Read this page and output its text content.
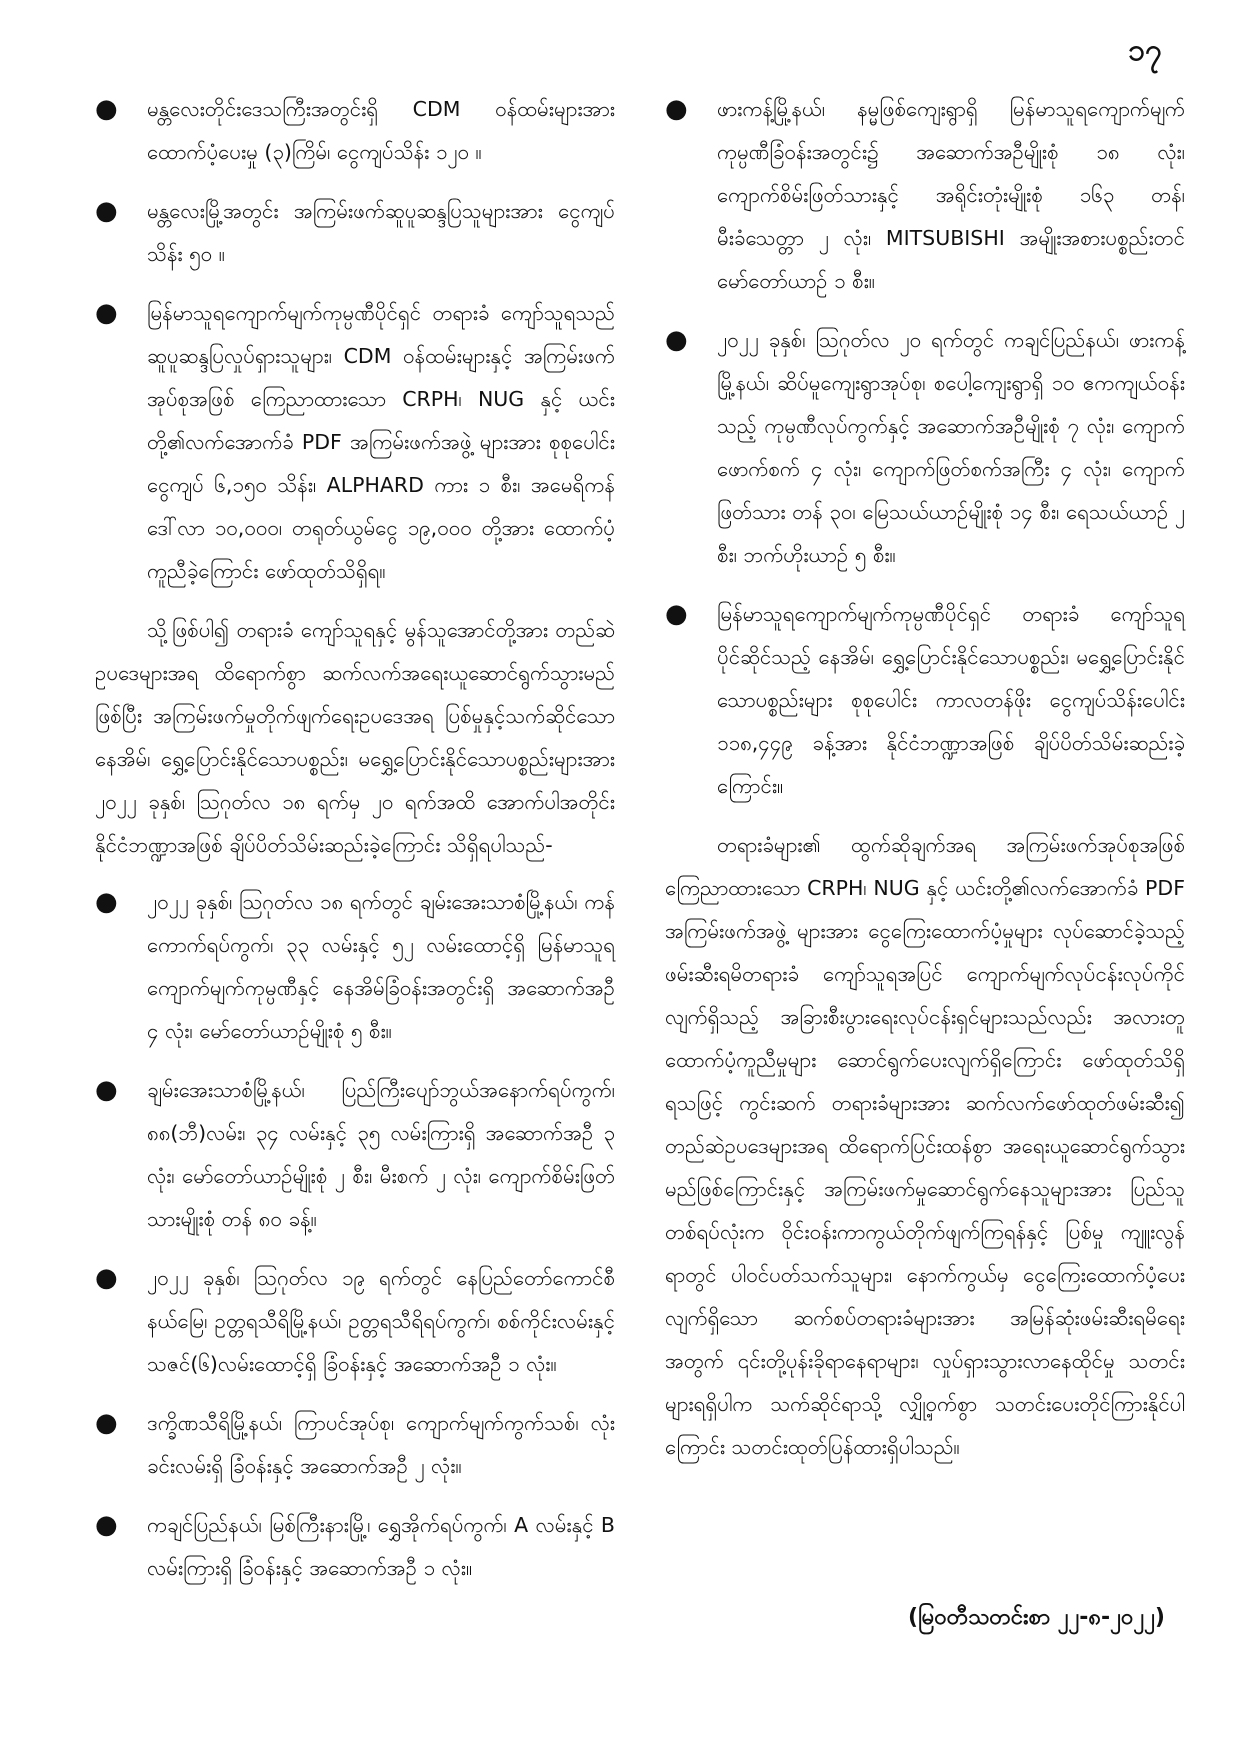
၁၇
● မန္တလေးတိုင်းဒေသကြီးအတွင်းရှိ CDM ဝန်ထမ်းများအား ထောက်ပံ့ပေးမှု (၃)ကြိမ်၊ ငွေကျပ်သိန်း ၁၂၀ ။
● မန္တလေးမြို့အတွင်း အကြမ်းဖက်ဆူပူဆန္ဒပြသူများအား ငွေကျပ်သိန်း ၅၀ ။
● မြန်မာသူရကျောက်မျက်ကုမ္ပဏီပိုင်ရှင် တရားခံ ကျော်သူရသည် ဆူပူဆန္ဒပြလှုပ်ရှားသူများ၊ CDM ဝန်ထမ်းများနှင့် အကြမ်းဖက်အုပ်စုအဖြစ် ကြေညာထားသော CRPH၊ NUG နှင့် ယင်းတို့၏လက်အောက်ခံ PDF အကြမ်းဖက်အဖွဲ့ များအား စုစုပေါင်းငွေကျပ် ၆,၁၅၀ သိန်း၊ ALPHARD ကား ၁ စီး၊ အမေရိကန် ဒေါ်လာ ၁၀,၀၀၀၊ တရုတ်ယွမ်ငွေ ၁၉,၀၀၀ တို့အား ထောက်ပံ့ကူညီခဲ့ကြောင်း ဖော်ထုတ်သိရှိရ။

သို့ဖြစ်ပါ၍ တရားခံ ကျော်သူရနှင့် မွန်သူအောင်တို့အား တည်ဆဲဥပဒေများအရ ထိရောက်စွာ ဆက်လက်အရေးယူဆောင်ရွက်သွားမည်ဖြစ်ပြီး အကြမ်းဖက်မှုတိုက်ဖျက်ရေးဥပဒေအရ ပြစ်မှုနှင့်သက်ဆိုင်သော နေအိမ်၊ ရွှေ့ပြောင်းနိုင်သောပစ္စည်း၊ မရွှေ့ပြောင်းနိုင်သောပစ္စည်းများအား ၂၀၂၂ ခုနှစ်၊ ဩဂုတ်လ ၁၈ ရက်မှ ၂၀ ရက်အထိ အောက်ပါအတိုင်း နိုင်ငံဘဏ္ဍာအဖြစ် ချိပ်ပိတ်သိမ်းဆည်းခဲ့ကြောင်း သိရှိရပါသည်-

● ၂၀၂၂ ခုနှစ်၊ ဩဂုတ်လ ၁၈ ရက်တွင် ချမ်းအေးသာစံမြို့နယ်၊ ကန်ကောက်ရပ်ကွက်၊ ၃၃ လမ်းနှင့် ၅၂ လမ်းထောင့်ရှိ မြန်မာသူရကျောက်မျက်ကုမ္ပဏီနှင့် နေအိမ်ခြံဝန်းအတွင်းရှိ အဆောက်အဦ ၄ လုံး၊ မော်တော်ယာဉ်မျိုးစုံ ၅ စီး။
● ချမ်းအေးသာစံမြို့နယ်၊ ပြည်ကြီးပျော်ဘွယ်အနောက်ရပ်ကွက်၊ ၈၈(ဘီ)လမ်း၊ ၃၄ လမ်းနှင့် ၃၅ လမ်းကြားရှိ အဆောက်အဦ ၃ လုံး၊ မော်တော်ယာဉ်မျိုးစုံ ၂ စီး၊ မီးစက် ၂ လုံး၊ ကျောက်စိမ်းဖြတ်သားမျိုးစုံ တန် ၈၀ ခန့်။
● ၂၀၂၂ ခုနှစ်၊ ဩဂုတ်လ ၁၉ ရက်တွင် နေပြည်တော်ကောင်စီနယ်မြေ၊ ဥတ္တရသီရိမြို့နယ်၊ ဥတ္တရသီရိရပ်ကွက်၊ စစ်ကိုင်းလမ်းနှင့် သဇင်(၆)လမ်းထောင့်ရှိ ခြံဝန်းနှင့် အဆောက်အဦ ၁ လုံး။
● ဒက္ခိဏသီရိမြို့နယ်၊ ကြာပင်အုပ်စု၊ ကျောက်မျက်ကွက်သစ်၊ လုံးခင်းလမ်းရှိ ခြံဝန်းနှင့် အဆောက်အဦ ၂ လုံး။
● ကချင်ပြည်နယ်၊ မြစ်ကြီးနားမြို့၊ ရွှေအိုက်ရပ်ကွက်၊ A လမ်းနှင့် B လမ်းကြားရှိ ခြံဝန်းနှင့် အဆောက်အဦ ၁ လုံး။
● ဖားကန့်မြို့နယ်၊ နမ္မဖြစ်ကျေးရွာရှိ မြန်မာသူရကျောက်မျက်ကုမ္ပဏီခြံဝန်းအတွင်း၌ အဆောက်အဦမျိုးစုံ ၁၈ လုံး၊ ကျောက်စိမ်းဖြတ်သားနှင့် အရိုင်းတုံးမျိုးစုံ ၁၆၃ တန်၊ မီးခံသေတ္တာ ၂ လုံး၊ MITSUBISHI အမျိုးအစားပစ္စည်းတင်မော်တော်ယာဉ် ၁ စီး။
● ၂၀၂၂ ခုနှစ်၊ ဩဂုတ်လ ၂၀ ရက်တွင် ကချင်ပြည်နယ်၊ ဖားကန့်မြို့နယ်၊ ဆိပ်မူကျေးရွာအုပ်စု၊ စပေါ့ကျေးရွာရှိ ၁၀ ဧကကျယ်ဝန်းသည့် ကုမ္ပဏီလုပ်ကွက်နှင့် အဆောက်အဦမျိုးစုံ ၇ လုံး၊ ကျောက်ဖောက်စက် ၄ လုံး၊ ကျောက်ဖြတ်စက်အကြီး ၄ လုံး၊ ကျောက်ဖြတ်သား တန် ၃၀၊ မြေသယ်ယာဉ်မျိုးစုံ ၁၄ စီး၊ ရေသယ်ယာဉ် ၂ စီး၊ ဘက်ဟိုးယာဉ် ၅ စီး။
● မြန်မာသူရကျောက်မျက်ကုမ္ပဏီပိုင်ရှင် တရားခံ ကျော်သူရပိုင်ဆိုင်သည့် နေအိမ်၊ ရွှေ့ပြောင်းနိုင်သောပစ္စည်း၊ မရွှေ့ပြောင်းနိုင်သောပစ္စည်းများ စုစုပေါင်း ကာလတန်ဖိုး ငွေကျပ်သိန်းပေါင်း ၁၁၈,၄၄၉ ခန့်အား နိုင်ငံဘဏ္ဍာအဖြစ် ချိပ်ပိတ်သိမ်းဆည်းခဲ့ကြောင်း။

တရားခံများ၏ ထွက်ဆိုချက်အရ အကြမ်းဖက်အုပ်စုအဖြစ် ကြေညာထားသော CRPH၊ NUG နှင့် ယင်းတို့၏လက်အောက်ခံ PDF အကြမ်းဖက်အဖွဲ့ များအား ငွေကြေးထောက်ပံ့မှုများ လုပ်ဆောင်ခဲ့သည့် ဖမ်းဆီးရမိတရားခံ ကျော်သူရအပြင် ကျောက်မျက်လုပ်ငန်းလုပ်ကိုင်လျက်ရှိသည့် အခြားစီးပွားရေးလုပ်ငန်းရှင်များသည်လည်း အလားတူထောက်ပံ့ကူညီမှုများ ဆောင်ရွက်ပေးလျက်ရှိကြောင်း ဖော်ထုတ်သိရှိရသဖြင့် ကွင်းဆက် တရားခံများအား ဆက်လက်ဖော်ထုတ်ဖမ်းဆီး၍ တည်ဆဲဥပဒေများအရ ထိရောက်ပြင်းထန်စွာ အရေးယူဆောင်ရွက်သွားမည်ဖြစ်ကြောင်းနှင့် အကြမ်းဖက်မှုဆောင်ရွက်နေသူများအား ပြည်သူတစ်ရပ်လုံးက ဝိုင်းဝန်းကာကွယ်တိုက်ဖျက်ကြရန်နှင့် ပြစ်မှု ကျူးလွန်ရာတွင် ပါဝင်ပတ်သက်သူများ၊ နောက်ကွယ်မှ ငွေကြေးထောက်ပံ့ပေးလျက်ရှိသော ဆက်စပ်တရားခံများအား အမြန်ဆုံးဖမ်းဆီးရမိရေးအတွက် ၎င်းတို့ပုန်းခိုရာနေရာများ၊ လှုပ်ရှားသွားလာနေထိုင်မှု သတင်းများရရှိပါက သက်ဆိုင်ရာသို့ လျှို့ဝှက်စွာ သတင်းပေးတိုင်ကြားနိုင်ပါကြောင်း သတင်းထုတ်ပြန်ထားရှိပါသည်။

(မြဝတီသတင်းစာ ၂၂-၈-၂၀၂၂)
